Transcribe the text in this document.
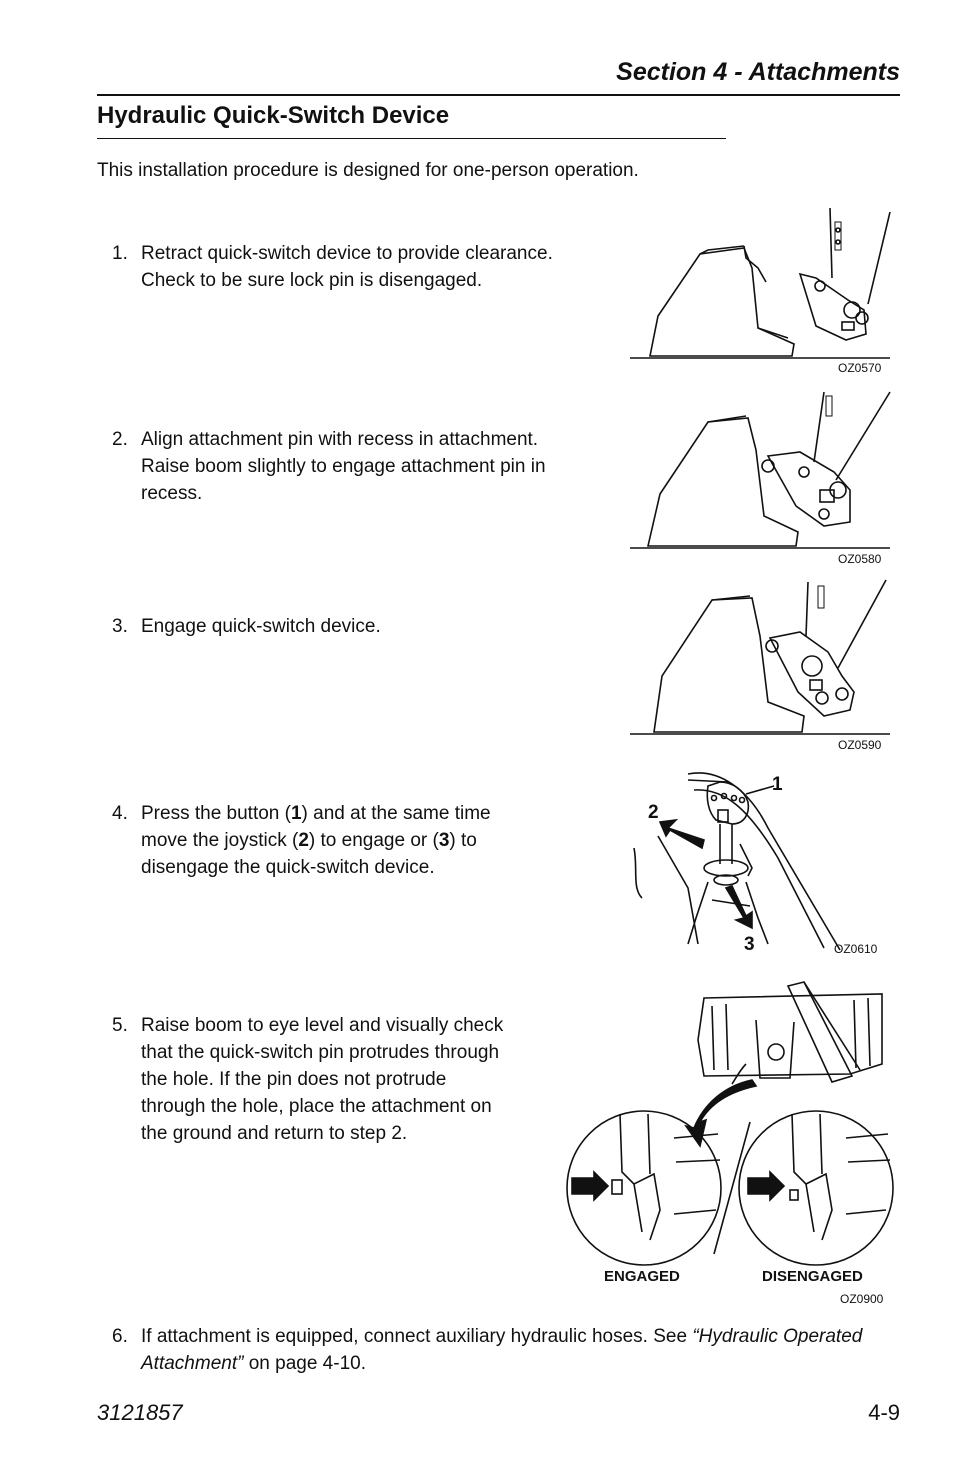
Section 4 - Attachments
Hydraulic Quick-Switch Device
This installation procedure is designed for one-person operation.
1. Retract quick-switch device to provide clearance.
Check to be sure lock pin is disengaged.
OZ0570
2. Align attachment pin with recess in attachment.
Raise boom slightly to engage attachment pin in
recess.
OZ0580
3. Engage quick-switch device.
OZ0590
4. Press the button (1) and at the same time
move the joystick (2) to engage or (3) to
disengage the quick-switch device.
1
2
3	OZ0610
5. Raise boom to eye level and visually check
that the quick-switch pin protrudes through
the hole. If the pin does not protrude
through the hole, place the attachment on
the ground and return to step 2.
ENGAGED	DISENGAGED
OZ0900
6. If attachment is equipped, connect auxiliary hydraulic hoses. See “Hydraulic Operated Attachment” on page 4-10.
3121857	4-9
